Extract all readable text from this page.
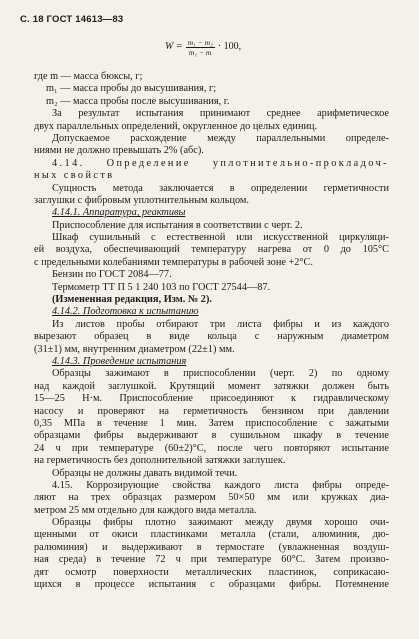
С. 18 ГОСТ 14613—83
$W = \frac{\text{m₁ − m₂}}{\text{m₁ − m}} \cdot 100$,
где m — масса бюксы, г;
m₁ — масса пробы до высушивания, г;
m₂ — масса пробы после высушивания, г.
За результат испытания принимают среднее арифметическое
двух параллельных определений, округленное до целых единиц.
Допускаемое расхождение между параллельными определе-
ниями не должно превышать 2% (абс).
4.14. Определение уплотнительно-прокладоч-
ных свойств
Сущность метода заключается в определении герметичности
заглушки с фибровым уплотнительным кольцом.
4.14.1. Аппаратура, реактивы
Приспособление для испытания в соответствии с черт. 2.
Шкаф сушильный с естественной или искусственной циркуляци-
ей воздуха, обеспечивающий температуру нагрева от 0 до 105°С
с предельными колебаниями температуры в рабочей зоне +2°С.
Бензин по ГОСТ 2084—77.
Термометр ТТ П 5 1 240 103 по ГОСТ 27544—87.
(Измененная редакция, Изм. № 2).
4.14.2. Подготовка к испытанию
Из листов пробы отбирают три листа фибры и из каждого
вырезают образец в виде кольца с наружным диаметром
(31±1) мм, внутренним диаметром (22±1) мм.
4.14.3. Проведение испытания
Образцы зажимают в приспособлении (черт. 2) по одному
над каждой заглушкой. Крутящий момент затяжки должен быть
15—25 Н·м. Приспособление присоединяют к гидравлическому
насосу и проверяют на герметичность бензином при давлении
0,35 МПа в течение 1 мин. Затем приспособление с зажатыми
образцами фибры выдерживают в сушильном шкафу в течение
24 ч при температуре (60±2)°С, после чего повторяют испытание
на герметичность без дополнительной затяжки заглушек.
Образцы не должны давать видимой течи.
4.15. Коррозирующие свойства каждого листа фибры опреде-
ляют на трех образцах размером 50×50 мм или кружках диа-
метром 25 мм отдельно для каждого вида металла.
Образцы фибры плотно зажимают между двумя хорошо очи-
щенными от окиси пластинками металла (стали, алюминия, дю-
ралюминия) и выдерживают в термостате (увлажненная воздуш-
ная среда) в течение 72 ч при температуре 60°С. Затем произво-
дят осмотр поверхности металлических пластинок, соприкасаю-
щихся в процессе испытания с образцами фибры. Потемнение
